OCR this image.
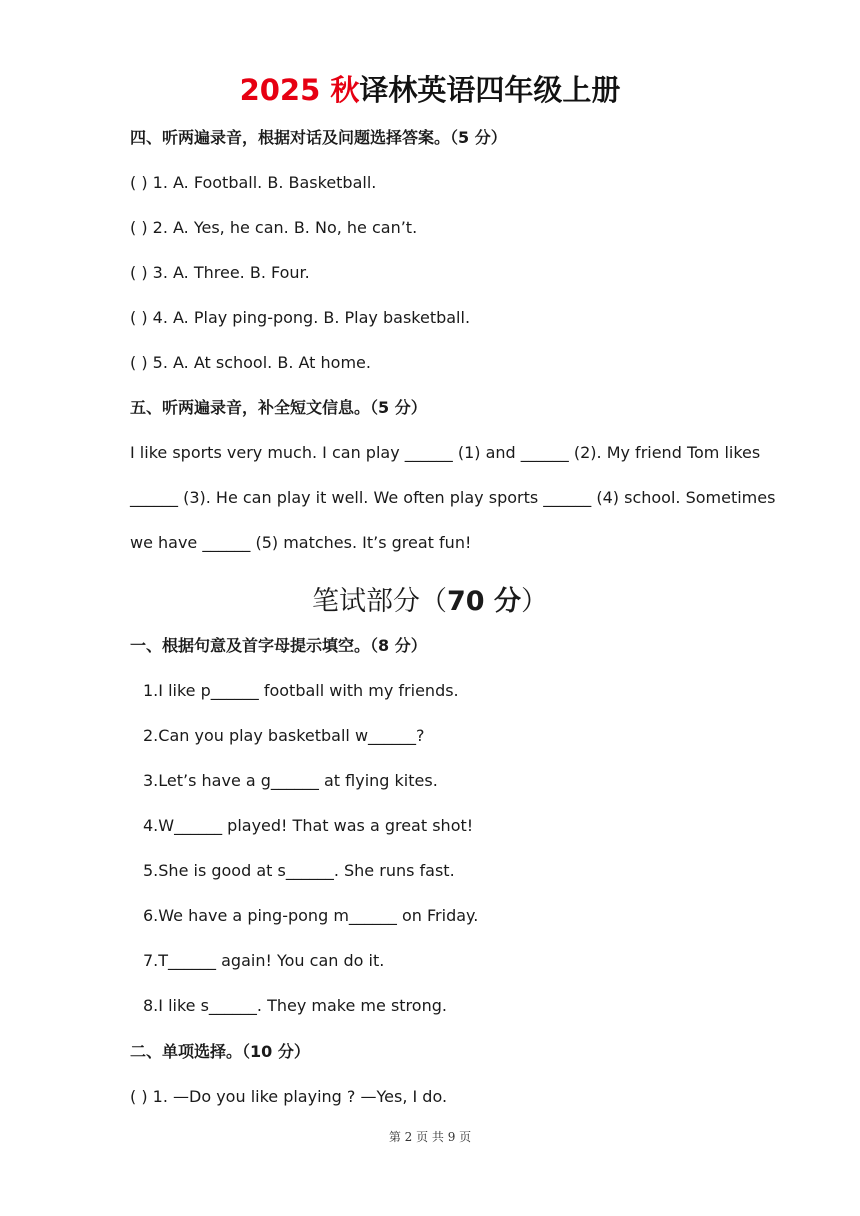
2025 秋译林英语四年级上册
四、听两遍录音，根据对话及问题选择答案。（5 分）
( ) 1. A. Football. B. Basketball.
( ) 2. A. Yes, he can. B. No, he can’t.
( ) 3. A. Three. B. Four.
( ) 4. A. Play ping-pong. B. Play basketball.
( ) 5. A. At school. B. At home.
五、听两遍录音，补全短文信息。（5 分）
I like sports very much. I can play ______ (1) and ______ (2). My friend Tom likes
______ (3). He can play it well. We often play sports ______ (4) school. Sometimes
we have ______ (5) matches. It’s great fun!
笔试部分（70 分）
一、根据句意及首字母提示填空。（8 分）
1.I like p______ football with my friends.
2.Can you play basketball w______?
3.Let’s have a g______ at flying kites.
4.W______ played! That was a great shot!
5.She is good at s______. She runs fast.
6.We have a ping-pong m______ on Friday.
7.T______ again! You can do it.
8.I like s______. They make me strong.
二、单项选择。（10 分）
( ) 1. —Do you like playing ? —Yes, I do.
第 2 页 共 9 页
